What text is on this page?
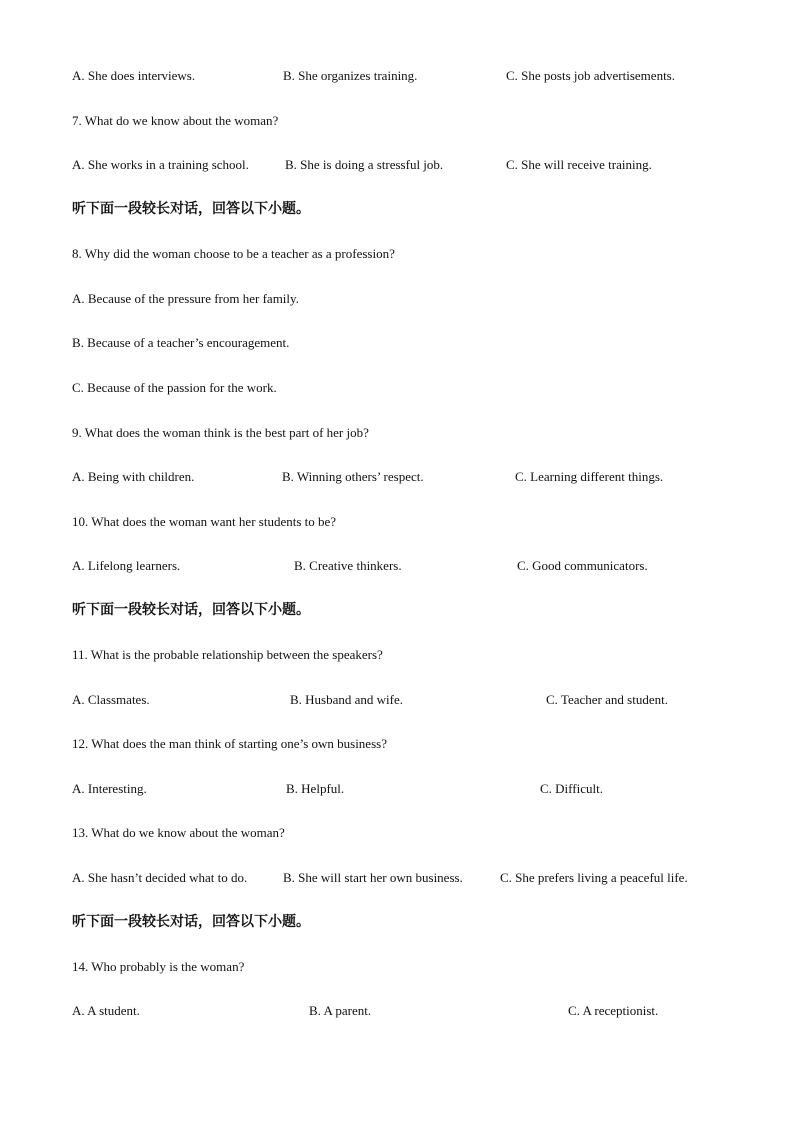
A. She does interviews.	B. She organizes training.	C. She posts job advertisements.
7. What do we know about the woman?
A. She works in a training school.	B. She is doing a stressful job.	C. She will receive training.
听下面一段较长对话，回答以下小题。
8. Why did the woman choose to be a teacher as a profession?
A. Because of the pressure from her family.
B. Because of a teacher’s encouragement.
C. Because of the passion for the work.
9. What does the woman think is the best part of her job?
A. Being with children.	B. Winning others’ respect.	C. Learning different things.
10. What does the woman want her students to be?
A. Lifelong learners.	B. Creative thinkers.	C. Good communicators.
听下面一段较长对话，回答以下小题。
11. What is the probable relationship between the speakers?
A. Classmates.	B. Husband and wife.	C. Teacher and student.
12. What does the man think of starting one’s own business?
A. Interesting.	B. Helpful.	C. Difficult.
13. What do we know about the woman?
A. She hasn’t decided what to do.	B. She will start her own business.	C. She prefers living a peaceful life.
听下面一段较长对话，回答以下小题。
14. Who probably is the woman?
A. A student.	B. A parent.	C. A receptionist.
